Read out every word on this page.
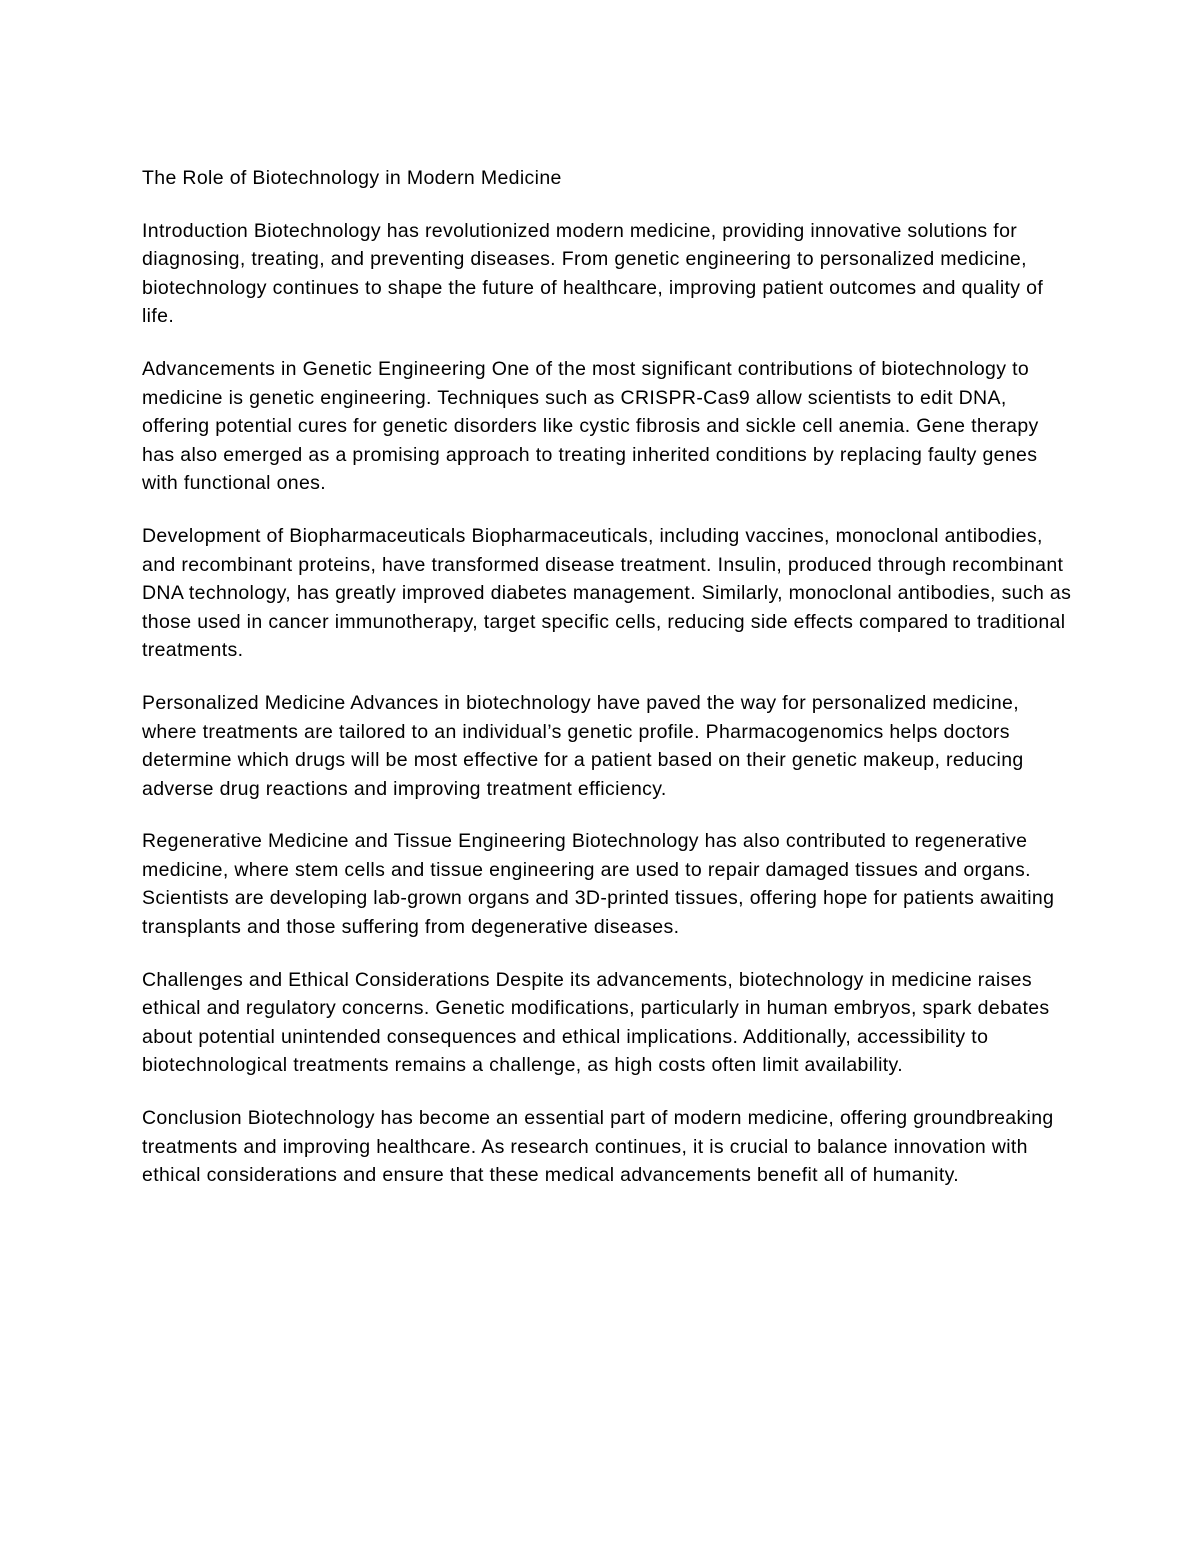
The Role of Biotechnology in Modern Medicine

Introduction Biotechnology has revolutionized modern medicine, providing innovative solutions for diagnosing, treating, and preventing diseases. From genetic engineering to personalized medicine, biotechnology continues to shape the future of healthcare, improving patient outcomes and quality of life.

Advancements in Genetic Engineering One of the most significant contributions of biotechnology to medicine is genetic engineering. Techniques such as CRISPR-Cas9 allow scientists to edit DNA, offering potential cures for genetic disorders like cystic fibrosis and sickle cell anemia. Gene therapy has also emerged as a promising approach to treating inherited conditions by replacing faulty genes with functional ones.

Development of Biopharmaceuticals Biopharmaceuticals, including vaccines, monoclonal antibodies, and recombinant proteins, have transformed disease treatment. Insulin, produced through recombinant DNA technology, has greatly improved diabetes management. Similarly, monoclonal antibodies, such as those used in cancer immunotherapy, target specific cells, reducing side effects compared to traditional treatments.

Personalized Medicine Advances in biotechnology have paved the way for personalized medicine, where treatments are tailored to an individual’s genetic profile. Pharmacogenomics helps doctors determine which drugs will be most effective for a patient based on their genetic makeup, reducing adverse drug reactions and improving treatment efficiency.

Regenerative Medicine and Tissue Engineering Biotechnology has also contributed to regenerative medicine, where stem cells and tissue engineering are used to repair damaged tissues and organs. Scientists are developing lab-grown organs and 3D-printed tissues, offering hope for patients awaiting transplants and those suffering from degenerative diseases.

Challenges and Ethical Considerations Despite its advancements, biotechnology in medicine raises ethical and regulatory concerns. Genetic modifications, particularly in human embryos, spark debates about potential unintended consequences and ethical implications. Additionally, accessibility to biotechnological treatments remains a challenge, as high costs often limit availability.

Conclusion Biotechnology has become an essential part of modern medicine, offering groundbreaking treatments and improving healthcare. As research continues, it is crucial to balance innovation with ethical considerations and ensure that these medical advancements benefit all of humanity.
